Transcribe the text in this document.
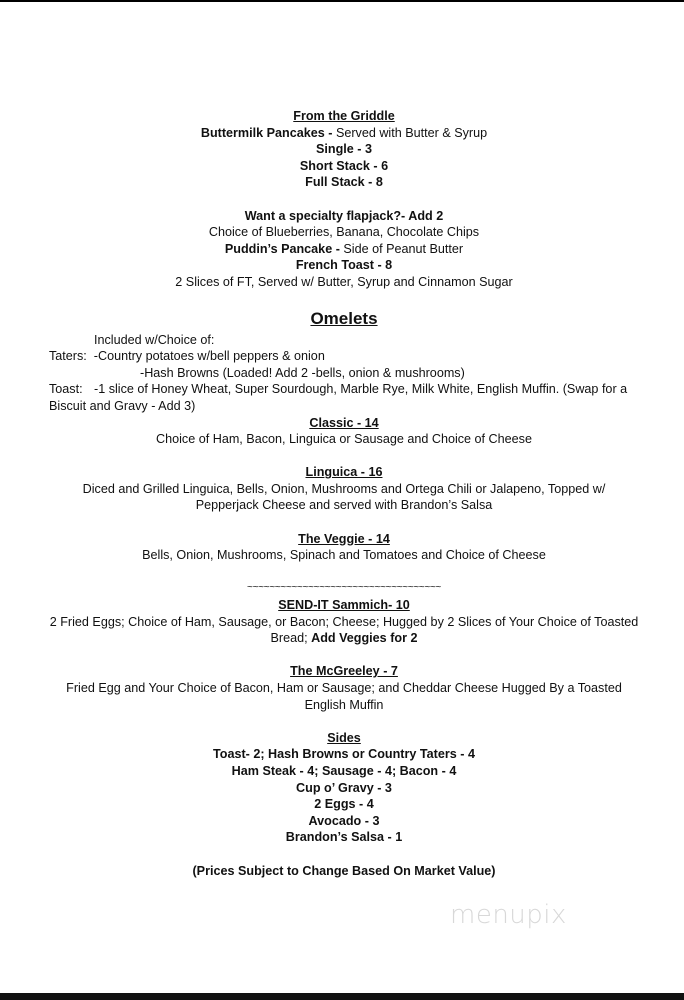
From the Griddle
Buttermilk Pancakes - Served with Butter & Syrup
Single - 3
Short Stack - 6
Full Stack - 8
Want a specialty flapjack?- Add 2
Choice of Blueberries, Banana, Chocolate Chips
Puddin’s Pancake - Side of Peanut Butter
French Toast - 8
2 Slices of FT, Served w/ Butter, Syrup and Cinnamon Sugar
Omelets
Included w/Choice of:
Taters: -Country potatoes w/bell peppers & onion
-Hash Browns (Loaded! Add 2 -bells, onion & mushrooms)
Toast: -1 slice of Honey Wheat, Super Sourdough, Marble Rye, Milk White, English Muffin. (Swap for a
Biscuit and Gravy - Add 3)
Classic - 14
Choice of Ham, Bacon, Linguica or Sausage and Choice of Cheese
Linguica - 16
Diced and Grilled Linguica, Bells, Onion, Mushrooms and Ortega Chili or Jalapeno, Topped w/
Pepperjack Cheese and served with Brandon’s Salsa
The Veggie - 14
Bells, Onion, Mushrooms, Spinach and Tomatoes and Choice of Cheese
~~~~~~~~~~~~~~~~~~~~~~~~~~~~~~~~~~~
SEND-IT Sammich- 10
2 Fried Eggs; Choice of Ham, Sausage, or Bacon; Cheese; Hugged by 2 Slices of Your Choice of Toasted
Bread; Add Veggies for 2
The McGreeley - 7
Fried Egg and Your Choice of Bacon, Ham or Sausage; and Cheddar Cheese Hugged By a Toasted
English Muffin
Sides
Toast- 2; Hash Browns or Country Taters - 4
Ham Steak - 4; Sausage - 4; Bacon - 4
Cup o’ Gravy - 3
2 Eggs - 4
Avocado - 3
Brandon’s Salsa - 1
(Prices Subject to Change Based On Market Value)
menupix
